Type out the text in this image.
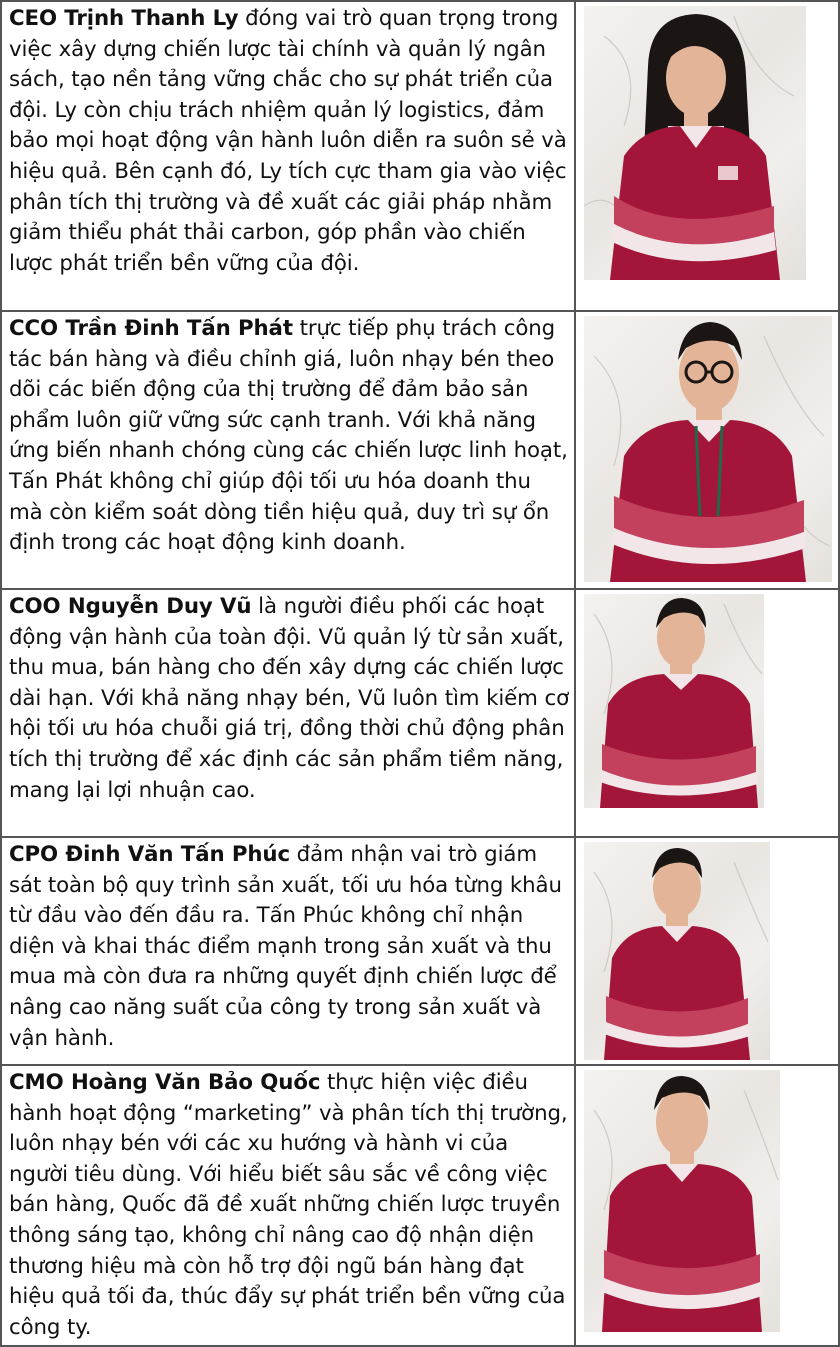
CEO Trịnh Thanh Ly đóng vai trò quan trọng trong việc xây dựng chiến lược tài chính và quản lý ngân sách, tạo nền tảng vững chắc cho sự phát triển của đội. Ly còn chịu trách nhiệm quản lý logistics, đảm bảo mọi hoạt động vận hành luôn diễn ra suôn sẻ và hiệu quả. Bên cạnh đó, Ly tích cực tham gia vào việc phân tích thị trường và đề xuất các giải pháp nhằm giảm thiểu phát thải carbon, góp phần vào chiến lược phát triển bền vững của đội.
CCO Trần Đinh Tấn Phát trực tiếp phụ trách công tác bán hàng và điều chỉnh giá, luôn nhạy bén theo dõi các biến động của thị trường để đảm bảo sản phẩm luôn giữ vững sức cạnh tranh. Với khả năng ứng biến nhanh chóng cùng các chiến lược linh hoạt, Tấn Phát không chỉ giúp đội tối ưu hóa doanh thu mà còn kiểm soát dòng tiền hiệu quả, duy trì sự ổn định trong các hoạt động kinh doanh.
COO Nguyễn Duy Vũ là người điều phối các hoạt động vận hành của toàn đội. Vũ quản lý từ sản xuất, thu mua, bán hàng cho đến xây dựng các chiến lược dài hạn. Với khả năng nhạy bén, Vũ luôn tìm kiếm cơ hội tối ưu hóa chuỗi giá trị, đồng thời chủ động phân tích thị trường để xác định các sản phẩm tiềm năng, mang lại lợi nhuận cao.
CPO Đinh Văn Tấn Phúc đảm nhận vai trò giám sát toàn bộ quy trình sản xuất, tối ưu hóa từng khâu từ đầu vào đến đầu ra. Tấn Phúc không chỉ nhận diện và khai thác điểm mạnh trong sản xuất và thu mua mà còn đưa ra những quyết định chiến lược để nâng cao năng suất của công ty trong sản xuất và vận hành.
CMO Hoàng Văn Bảo Quốc thực hiện việc điều hành hoạt động “marketing” và phân tích thị trường, luôn nhạy bén với các xu hướng và hành vi của người tiêu dùng. Với hiểu biết sâu sắc về công việc bán hàng, Quốc đã đề xuất những chiến lược truyền thông sáng tạo, không chỉ nâng cao độ nhận diện thương hiệu mà còn hỗ trợ đội ngũ bán hàng đạt hiệu quả tối đa, thúc đẩy sự phát triển bền vững của công ty.
